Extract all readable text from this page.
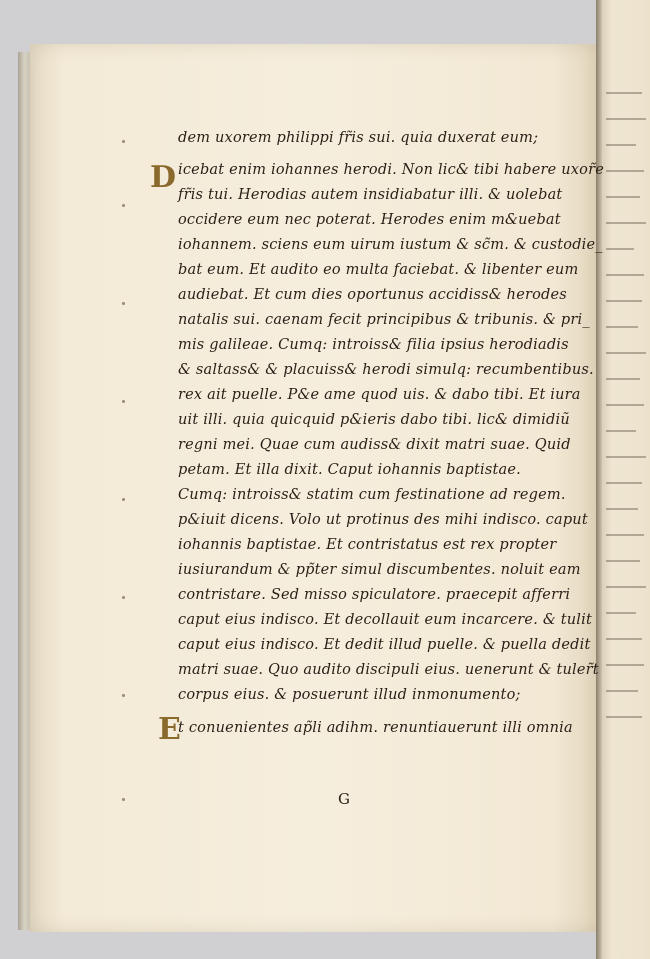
D
E
dem uxorem philippi fr̃is sui. quia duxerat eum;
icebat enim iohannes herodi. Non lic& tibi habere uxor̃e
fr̃is tui. Herodias autem insidiabatur illi. & uolebat
occidere eum nec poterat. Herodes enim m&uebat
iohannem. sciens eum uirum iustum & sc̃m. & custodie_
bat eum. Et audito eo multa faciebat. & libenter eum
audiebat. Et cum dies oportunus accidiss& herodes
natalis sui. caenam fecit principibus & tribunis. & pri_
mis galileae. Cumq: introiss& filia ipsius herodiadis
& saltass& & placuiss& herodi simulq: recumbentibus.
rex ait puelle. P&e ame quod uis. & dabo tibi. Et iura
uit illi. quia quicquid p&ieris dabo tibi. lic& dimidiũ
regni mei. Quae cum audiss& dixit matri suae. Quid
petam. Et illa dixit. Caput iohannis baptistae.
Cumq: introiss& statim cum festinatione ad regem.
p&iuit dicens. Volo ut protinus des mihi indisco. caput
iohannis baptistae. Et contristatus est rex propter
iusiurandum & pp̃ter simul discumbentes. noluit eam
contristare. Sed misso spiculatore. praecepit afferri
caput eius indisco. Et decollauit eum incarcere. & tulit
caput eius indisco. Et dedit illud puelle. & puella dedit
matri suae. Quo audito discipuli eius. uenerunt & tuler̃t
corpus eius. & posuerunt illud inmonumento;
t conuenientes ap̃li adihm. renuntiauerunt illi omnia
G
